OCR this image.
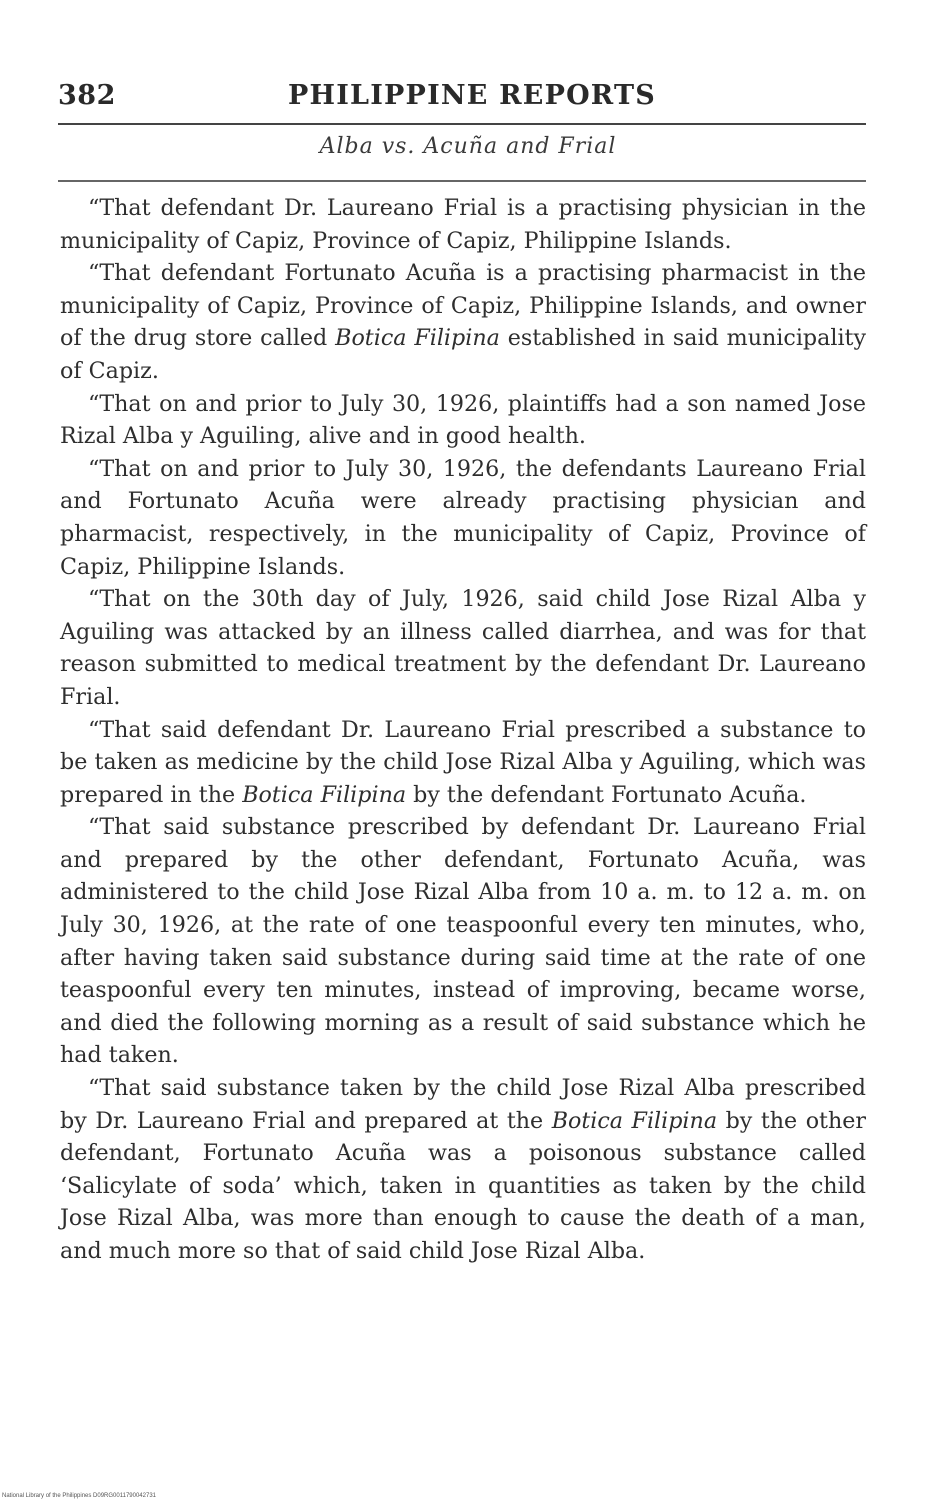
382	PHILIPPINE REPORTS
Alba vs. Acuña and Frial

“That defendant Dr. Laureano Frial is a practising physician in the municipality of Capiz, Province of Capiz, Philippine Islands.

“That defendant Fortunato Acuña is a practising pharmacist in the municipality of Capiz, Province of Capiz, Philippine Islands, and owner of the drug store called Botica Filipina established in said municipality of Capiz.

“That on and prior to July 30, 1926, plaintiffs had a son named Jose Rizal Alba y Aguiling, alive and in good health.

“That on and prior to July 30, 1926, the defendants Laureano Frial and Fortunato Acuña were already practising physician and pharmacist, respectively, in the municipality of Capiz, Province of Capiz, Philippine Islands.

“That on the 30th day of July, 1926, said child Jose Rizal Alba y Aguiling was attacked by an illness called diarrhea, and was for that reason submitted to medical treatment by the defendant Dr. Laureano Frial.

“That said defendant Dr. Laureano Frial prescribed a substance to be taken as medicine by the child Jose Rizal Alba y Aguiling, which was prepared in the Botica Filipina by the defendant Fortunato Acuña.

“That said substance prescribed by defendant Dr. Laureano Frial and prepared by the other defendant, Fortunato Acuña, was administered to the child Jose Rizal Alba from 10 a. m. to 12 a. m. on July 30, 1926, at the rate of one teaspoonful every ten minutes, who, after having taken said substance during said time at the rate of one teaspoonful every ten minutes, instead of improving, became worse, and died the following morning as a result of said substance which he had taken.

“That said substance taken by the child Jose Rizal Alba prescribed by Dr. Laureano Frial and prepared at the Botica Filipina by the other defendant, Fortunato Acuña was a poisonous substance called ‘Salicylate of soda’ which, taken in quantities as taken by the child Jose Rizal Alba, was more than enough to cause the death of a man, and much more so that of said child Jose Rizal Alba.

National Library of the Philippines D09RG0011790042731
